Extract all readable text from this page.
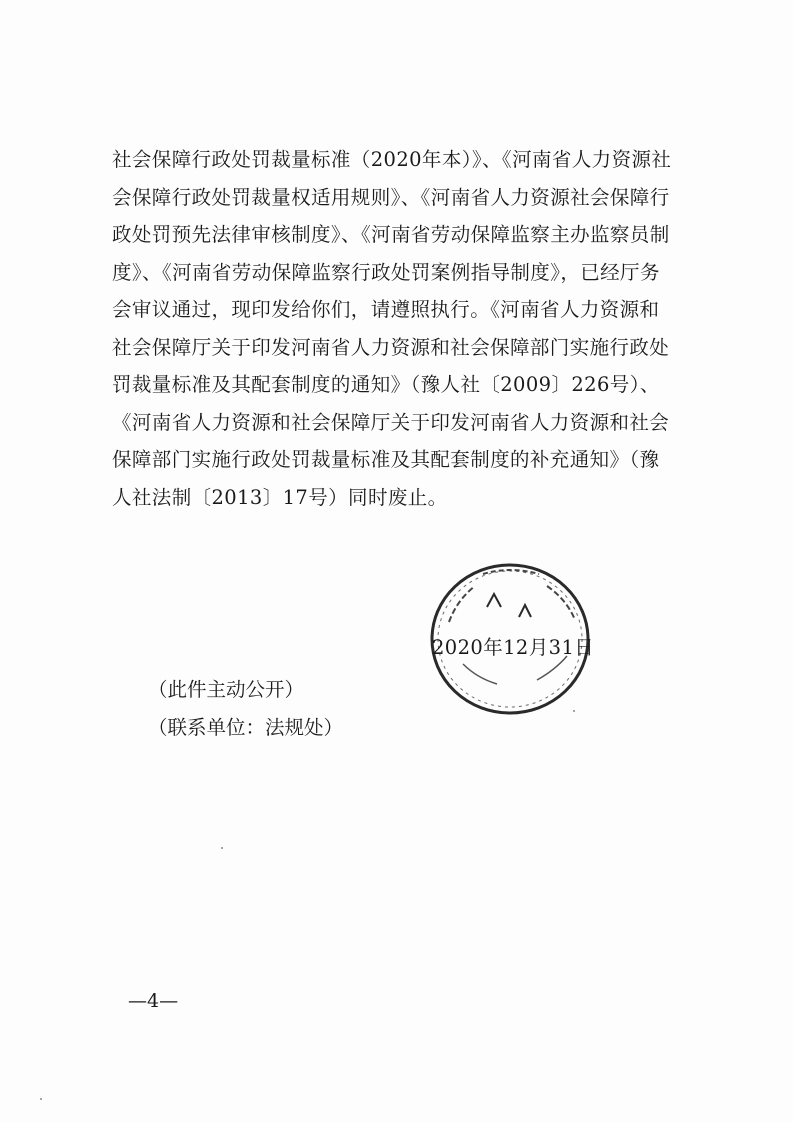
社会保障行政处罚裁量标准（2020年本）》、《河南省人力资源社
会保障行政处罚裁量权适用规则》、《河南省人力资源社会保障行
政处罚预先法律审核制度》、《河南省劳动保障监察主办监察员制
度》、《河南省劳动保障监察行政处罚案例指导制度》，已经厅务
会审议通过，现印发给你们，请遵照执行。《河南省人力资源和
社会保障厅关于印发河南省人力资源和社会保障部门实施行政处
罚裁量标准及其配套制度的通知》（豫人社〔2009〕226号）、
《河南省人力资源和社会保障厅关于印发河南省人力资源和社会
保障部门实施行政处罚裁量标准及其配套制度的补充通知》（豫
人社法制〔2013〕17号）同时废止。
2020年12月31日
（此件主动公开）
（联系单位：法规处）
—4—
